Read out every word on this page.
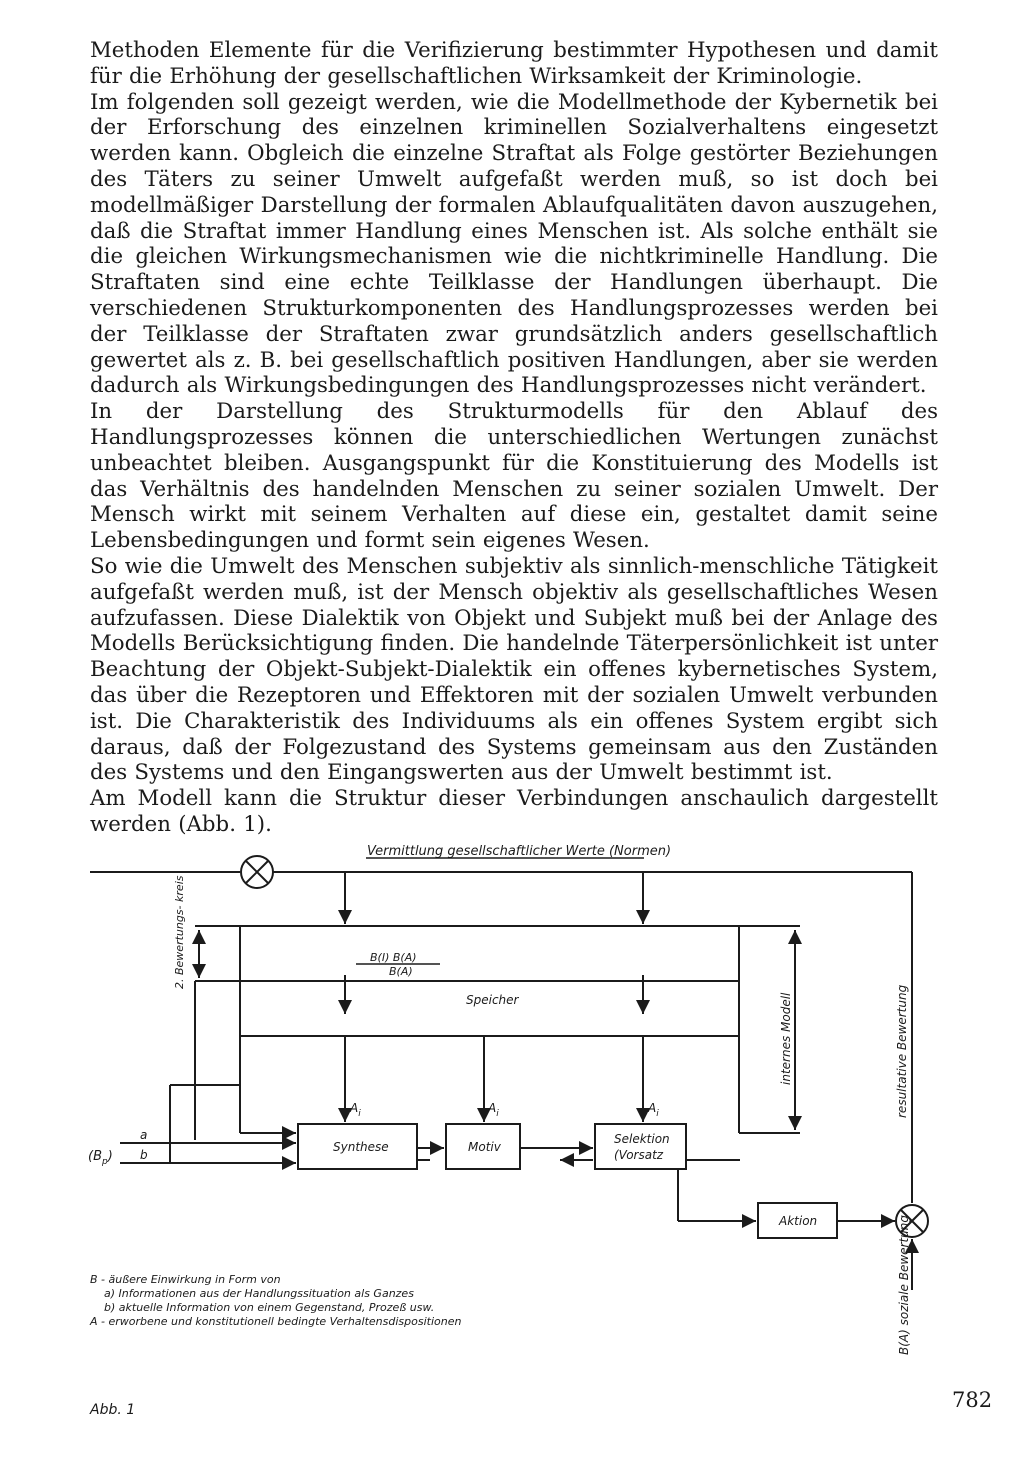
Methoden Elemente für die Verifizierung bestimmter Hypothesen und damit für die Erhöhung der gesellschaftlichen Wirksamkeit der Kriminologie.

Im folgenden soll gezeigt werden, wie die Modellmethode der Kybernetik bei der Erforschung des einzelnen kriminellen Sozialverhaltens eingesetzt werden kann. Obgleich die einzelne Straftat als Folge gestörter Beziehungen des Täters zu seiner Umwelt aufgefaßt werden muß, so ist doch bei modellmäßiger Darstellung der formalen Ablaufqualitäten davon auszugehen, daß die Straftat immer Handlung eines Menschen ist. Als solche enthält sie die gleichen Wirkungsmechanismen wie die nichtkriminelle Handlung. Die Straftaten sind eine echte Teilklasse der Handlungen überhaupt. Die verschiedenen Strukturkomponenten des Handlungsprozesses werden bei der Teilklasse der Straftaten zwar grundsätzlich anders gesellschaftlich gewertet als z. B. bei gesellschaftlich positiven Handlungen, aber sie werden dadurch als Wirkungsbedingungen des Handlungsprozesses nicht verändert.

In der Darstellung des Strukturmodells für den Ablauf des Handlungsprozesses können die unterschiedlichen Wertungen zunächst unbeachtet bleiben. Ausgangspunkt für die Konstituierung des Modells ist das Verhältnis des handelnden Menschen zu seiner sozialen Umwelt. Der Mensch wirkt mit seinem Verhalten auf diese ein, gestaltet damit seine Lebensbedingungen und formt sein eigenes Wesen.

So wie die Umwelt des Menschen subjektiv als sinnlich-menschliche Tätigkeit aufgefaßt werden muß, ist der Mensch objektiv als gesellschaftliches Wesen aufzufassen. Diese Dialektik von Objekt und Subjekt muß bei der Anlage des Modells Berücksichtigung finden. Die handelnde Täterpersönlichkeit ist unter Beachtung der Objekt-Subjekt-Dialektik ein offenes kybernetisches System, das über die Rezeptoren und Effektoren mit der sozialen Umwelt verbunden ist. Die Charakteristik des Individuums als ein offenes System ergibt sich daraus, daß der Folgezustand des Systems gemeinsam aus den Zuständen des Systems und den Eingangswerten aus der Umwelt bestimmt ist.

Am Modell kann die Struktur dieser Verbindungen anschaulich dargestellt werden (Abb. 1).

Vermittlung gesellschaftlicher Werte (Normen)
2. Bewertungs- kreis	B(I) B(A)
B(A)
Speicher	internes Modell	resultative Bewertung
B(A) soziale Bewertung
$A_i$	$A_i$	$A_i$
a
b
$(B_p)$
Synthese	Motiv
Selektion
(Vorsatz
Aktion
B - äußere Einwirkung in Form von
a) Informationen aus der Handlungssituation als Ganzes
b) aktuelle Information von einem Gegenstand, Prozeß usw.
A - erworbene und konstitutionell bedingte Verhaltensdispositionen
Abb. 1	782
